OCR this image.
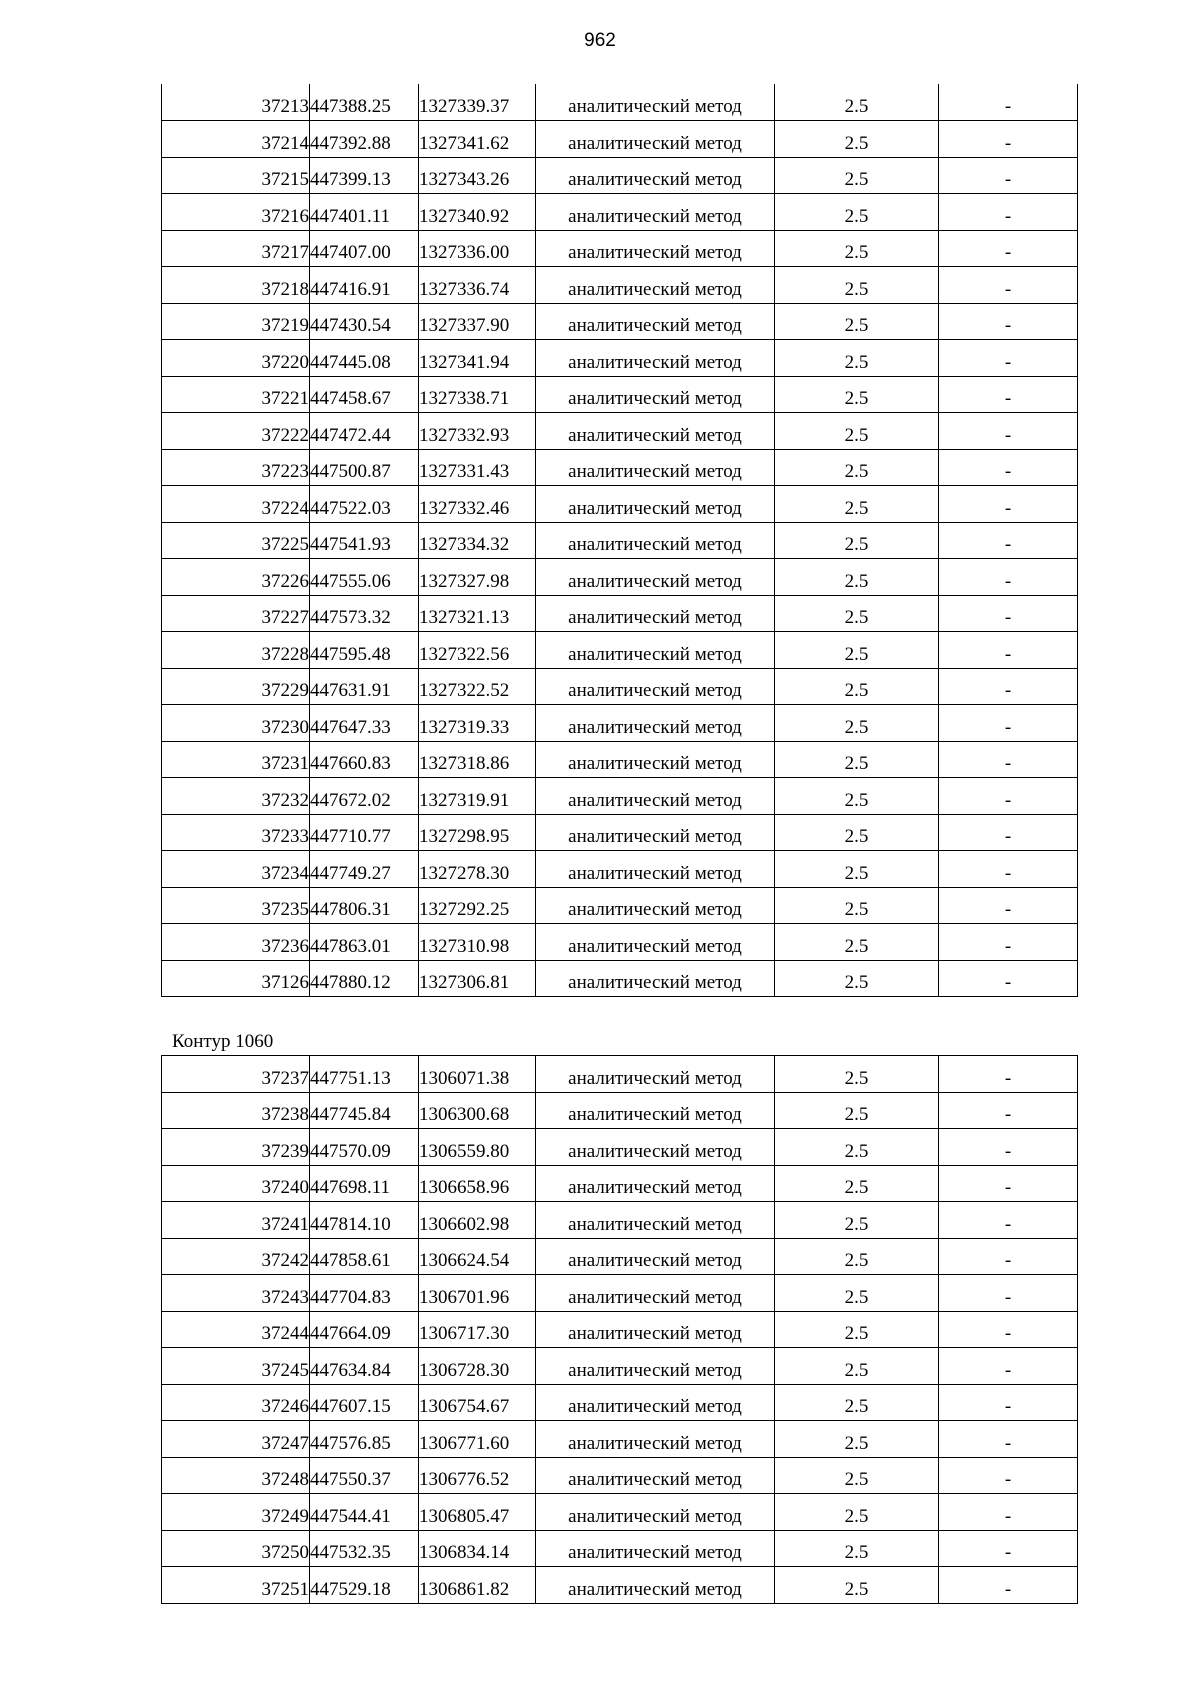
962
37213	447388.25	1327339.37	аналитический метод	2.5	-
37214	447392.88	1327341.62	аналитический метод	2.5	-
37215	447399.13	1327343.26	аналитический метод	2.5	-
37216	447401.11	1327340.92	аналитический метод	2.5	-
37217	447407.00	1327336.00	аналитический метод	2.5	-
37218	447416.91	1327336.74	аналитический метод	2.5	-
37219	447430.54	1327337.90	аналитический метод	2.5	-
37220	447445.08	1327341.94	аналитический метод	2.5	-
37221	447458.67	1327338.71	аналитический метод	2.5	-
37222	447472.44	1327332.93	аналитический метод	2.5	-
37223	447500.87	1327331.43	аналитический метод	2.5	-
37224	447522.03	1327332.46	аналитический метод	2.5	-
37225	447541.93	1327334.32	аналитический метод	2.5	-
37226	447555.06	1327327.98	аналитический метод	2.5	-
37227	447573.32	1327321.13	аналитический метод	2.5	-
37228	447595.48	1327322.56	аналитический метод	2.5	-
37229	447631.91	1327322.52	аналитический метод	2.5	-
37230	447647.33	1327319.33	аналитический метод	2.5	-
37231	447660.83	1327318.86	аналитический метод	2.5	-
37232	447672.02	1327319.91	аналитический метод	2.5	-
37233	447710.77	1327298.95	аналитический метод	2.5	-
37234	447749.27	1327278.30	аналитический метод	2.5	-
37235	447806.31	1327292.25	аналитический метод	2.5	-
37236	447863.01	1327310.98	аналитический метод	2.5	-
37126	447880.12	1327306.81	аналитический метод	2.5	-
Контур 1060
37237	447751.13	1306071.38	аналитический метод	2.5	-
37238	447745.84	1306300.68	аналитический метод	2.5	-
37239	447570.09	1306559.80	аналитический метод	2.5	-
37240	447698.11	1306658.96	аналитический метод	2.5	-
37241	447814.10	1306602.98	аналитический метод	2.5	-
37242	447858.61	1306624.54	аналитический метод	2.5	-
37243	447704.83	1306701.96	аналитический метод	2.5	-
37244	447664.09	1306717.30	аналитический метод	2.5	-
37245	447634.84	1306728.30	аналитический метод	2.5	-
37246	447607.15	1306754.67	аналитический метод	2.5	-
37247	447576.85	1306771.60	аналитический метод	2.5	-
37248	447550.37	1306776.52	аналитический метод	2.5	-
37249	447544.41	1306805.47	аналитический метод	2.5	-
37250	447532.35	1306834.14	аналитический метод	2.5	-
37251	447529.18	1306861.82	аналитический метод	2.5	-
